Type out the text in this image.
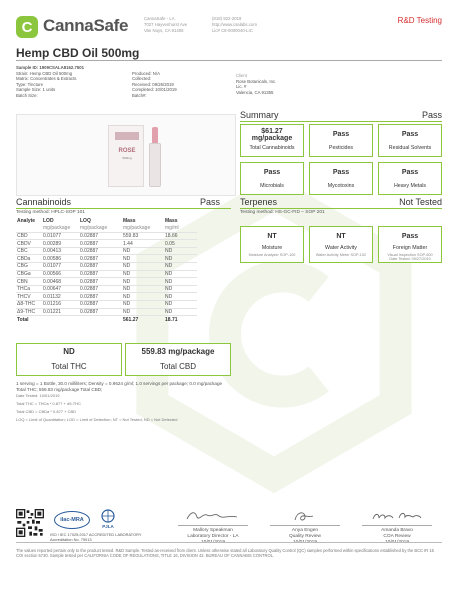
C CannaSafe	CannaSafe - LA
7027 Hayvenhurst Ave
Van Nuys, CA 91406
(818) 922-2019
http://www.csalabs.com
Lic# C8-0000040-LIC
R&D Testing
Hemp CBD Oil 500mg
Sample ID: 1909CSALA8162.7501
Strain: Hemp CBD Oil 500mg
Matrix: Concentrates & Extracts
Type: Tincture
Sample Size: 1 units
Batch Size:
Produced: N/A
Collected:
Received: 09/26/2019
Completed: 10/01/2019
Batch#:
Client
Rose Botanicals, Inc.
Lic. #
Valencia, CA 91355
ROSE
500mg
Summary	Pass
$61.27
mg/package
Total Cannabinoids
Pass
Pesticides
Pass
Residual Solvents
Pass
Microbials
Pass
Mycotoxins
Pass
Heavy Metals
Cannabinoids	Pass
Testing method: HPLC-SOP 101
Analyte	LOD	LOQ	Mass	Mass
	mg/package	mg/package	mg/package	mg/ml
CBD	0.01077	0.02887	559.83	18.66
CBDV	0.00289	0.02887	1.44	0.05
CBC	0.00413	0.02887	ND	ND
CBDa	0.00586	0.02887	ND	ND
CBG	0.01077	0.02887	ND	ND
CBGa	0.00566	0.02887	ND	ND
CBN	0.00468	0.02887	ND	ND
THCa	0.00647	0.02887	ND	ND
THCV	0.01132	0.02887	ND	ND
Δ8-THC	0.01216	0.02887	ND	ND
Δ9-THC	0.01221	0.02887	ND	ND
Total			561.27	18.71
ND
Total THC
559.83 mg/package
Total CBD
1 serving = 1 Bottle, 30.0 milliliters; Density = 0.9624 g/ml; 1.0 servings per package; 0.0 mg/package Total THC; 559.83 mg/package Total CBD;
Date Tested: 10/01/2019
Total THC = THCa * 0.877 + d9-THC
Total CBD = CBDa * 0.877 + CBD
LOQ = Limit of Quantitation; LOD = Limit of Detection; NT = Not Tested; ND = Not Detected
Terpenes	Not Tested
Testing method: HS-GC-FID – SOP 201
NT
Moisture
Moisture Analyzer SOP-100
NT
Water Activity
Water Activity Meter SOP-102
Pass
Foreign Matter
Visual Inspection SOP-600
Date Tested: 09/27/2019
ilac-MRA
PJLA
ISO / IEC 17025:2017 ACCREDITED LABORATORY
Accreditation No. 79013
Mallory Speakman
Laboratory Director - LA
Anya Engen
Quality Review
Amanda Bravo
COA Review
The values reported pertain only to the product tested. R&D Sample. Tested as-received from client. Unless otherwise stated all Laboratory Quality Control (QC) samples performed within specifications established by the BCC IR 15 COI section 5730. Sample tested per CALIFORNIA CODE OF REGULATIONS, TITLE 16, DIVISION 42. BUREAU OF CANNABIS CONTROL.
